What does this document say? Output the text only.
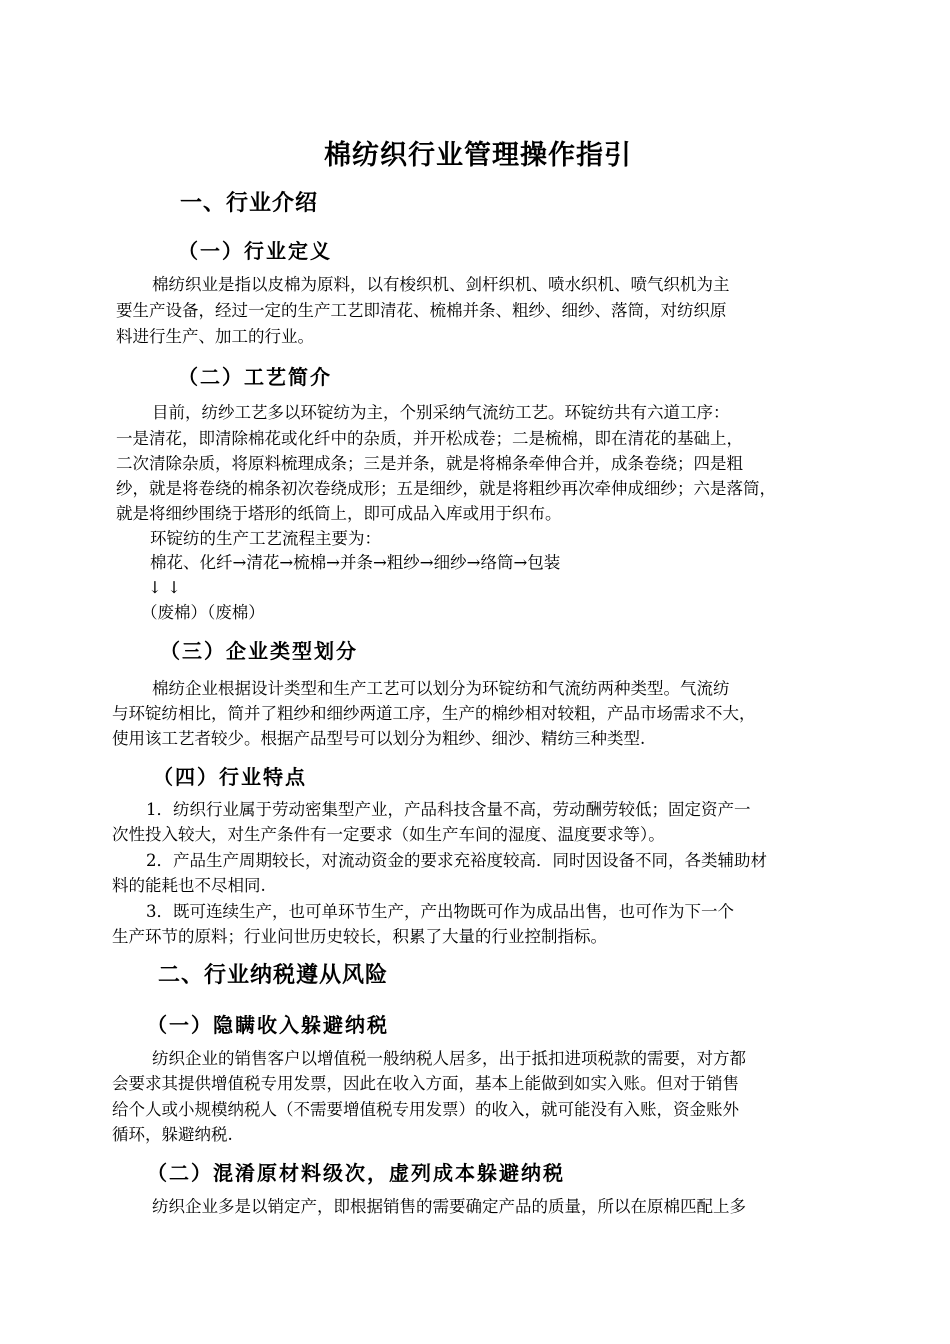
棉纺织行业管理操作指引
一、行业介绍
（一）行业定义
棉纺织业是指以皮棉为原料，以有梭织机、剑杆织机、喷水织机、喷气织机为主
要生产设备，经过一定的生产工艺即清花、梳棉并条、粗纱、细纱、落筒，对纺织原
料进行生产、加工的行业。
（二）工艺简介
目前，纺纱工艺多以环锭纺为主，个别采纳气流纺工艺。环锭纺共有六道工序：
一是清花，即清除棉花或化纤中的杂质，并开松成卷；二是梳棉，即在清花的基础上，
二次清除杂质，将原料梳理成条；三是并条，就是将棉条牵伸合并，成条卷绕；四是粗
纱，就是将卷绕的棉条初次卷绕成形；五是细纱，就是将粗纱再次牵伸成细纱；六是落筒，
就是将细纱围绕于塔形的纸筒上，即可成品入库或用于织布。
环锭纺的生产工艺流程主要为：
棉花、化纤→清花→梳棉→并条→粗纱→细纱→络筒→包装
↓ ↓
（废棉）（废棉）
（三）企业类型划分
棉纺企业根据设计类型和生产工艺可以划分为环锭纺和气流纺两种类型。气流纺
与环锭纺相比，简并了粗纱和细纱两道工序，生产的棉纱相对较粗，产品市场需求不大，
使用该工艺者较少。根据产品型号可以划分为粗纱、细沙、精纺三种类型.
（四）行业特点
1．纺织行业属于劳动密集型产业，产品科技含量不高，劳动酬劳较低；固定资产一
次性投入较大，对生产条件有一定要求（如生产车间的湿度、温度要求等）。
2．产品生产周期较长，对流动资金的要求充裕度较高．同时因设备不同，各类辅助材
料的能耗也不尽相同.
3．既可连续生产，也可单环节生产，产出物既可作为成品出售，也可作为下一个
生产环节的原料；行业问世历史较长，积累了大量的行业控制指标。
二、行业纳税遵从风险
（一）隐瞒收入躲避纳税
纺织企业的销售客户以增值税一般纳税人居多，出于抵扣进项税款的需要，对方都
会要求其提供增值税专用发票，因此在收入方面，基本上能做到如实入账。但对于销售
给个人或小规模纳税人（不需要增值税专用发票）的收入，就可能没有入账，资金账外
循环，躲避纳税.
（二）混淆原材料级次，虚列成本躲避纳税
纺织企业多是以销定产，即根据销售的需要确定产品的质量，所以在原棉匹配上多
